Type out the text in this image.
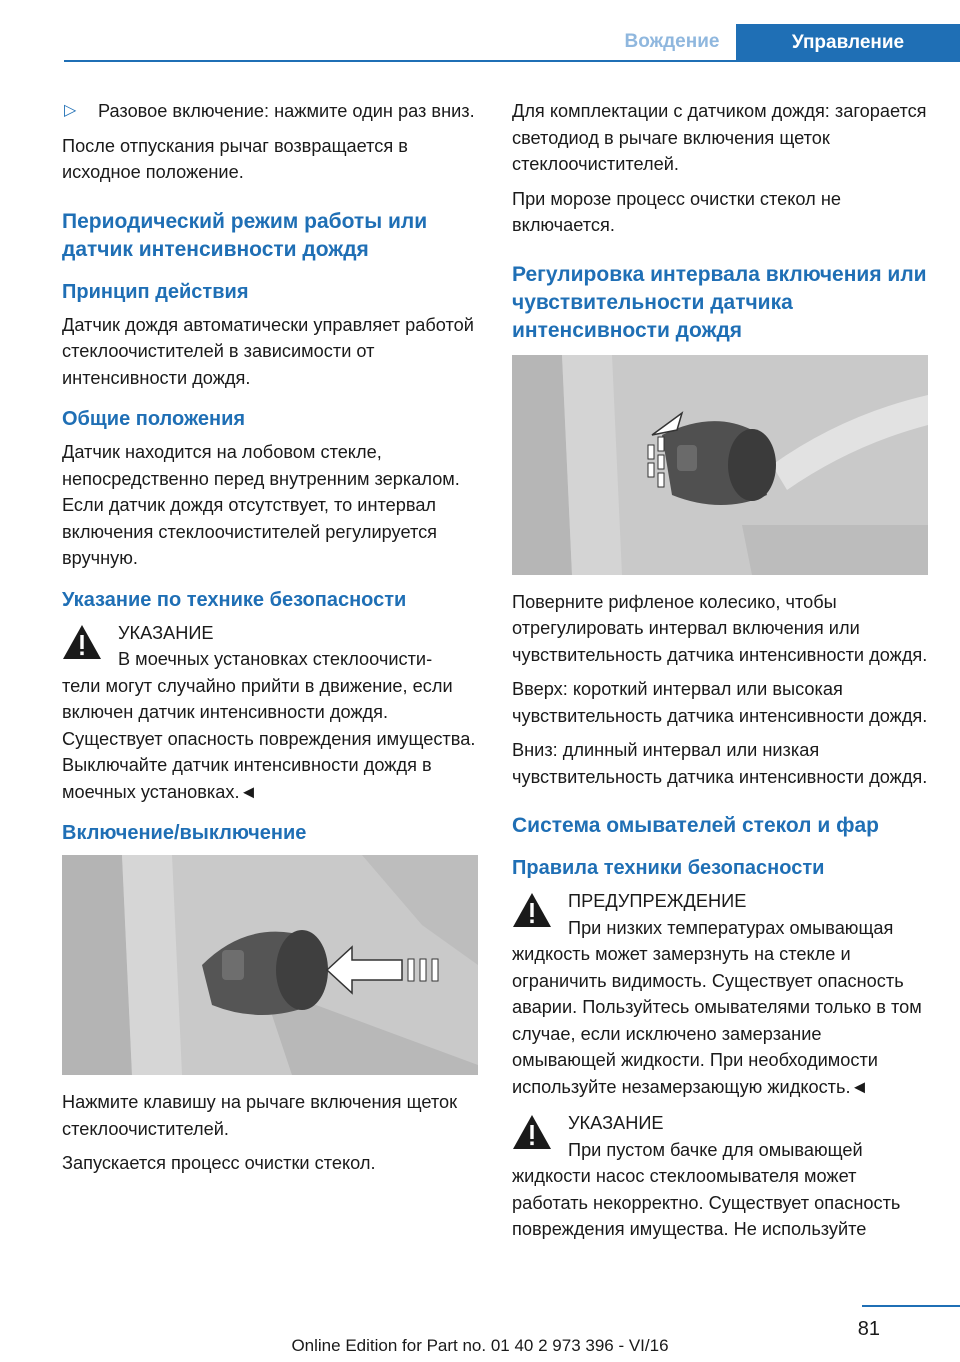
Вождение	Управление
▷ Разовое включение: нажмите один раз вниз.

После отпускания рычаг возвращается в исходное положение.

Периодический режим работы или датчик интенсивности дождя
Принцип действия

Датчик дождя автоматически управляет работой стеклоочистителей в зависимости от интенсивности дождя.

Общие положения

Датчик находится на лобовом стекле, непосредственно перед внутренним зеркалом. Если датчик дождя отсутствует, то интервал включения стеклоочистителей регулируется вручную.

Указание по технике безопасности
УКАЗАНИЕ
В моечных установках стеклоочисти-
тели могут случайно прийти в движение, если включен датчик интенсивности дождя. Существует опасность повреждения имущества. Выключайте датчик интенсивности дождя в моечных установках.◄
Включение/выключение

Нажмите клавишу на рычаге включения щеток стеклоочистителей.

Запускается процесс очистки стекол.

Для комплектации с датчиком дождя: загорается светодиод в рычаге включения щеток стеклоочистителей.

При морозе процесс очистки стекол не включается.

Регулировка интервала включения или чувствительности датчика интенсивности дождя

Поверните рифленое колесико, чтобы отрегулировать интервал включения или чувствительность датчика интенсивности дождя.

Вверх: короткий интервал или высокая чувствительность датчика интенсивности дождя.

Вниз: длинный интервал или низкая чувствительность датчика интенсивности дождя.

Система омывателей стекол и фар
Правила техники безопасности
ПРЕДУПРЕЖДЕНИЕ
При низких температурах омывающая
жидкость может замерзнуть на стекле и ограничить видимость. Существует опасность аварии. Пользуйтесь омывателями только в том случае, если исключено замерзание омывающей жидкости. При необходимости используйте незамерзающую жидкость.◄
УКАЗАНИЕ
При пустом бачке для омывающей
жидкости насос стеклоомывателя может работать некорректно. Существует опасность повреждения имущества. Не используйте
81
Online Edition for Part no. 01 40 2 973 396 - VI/16
